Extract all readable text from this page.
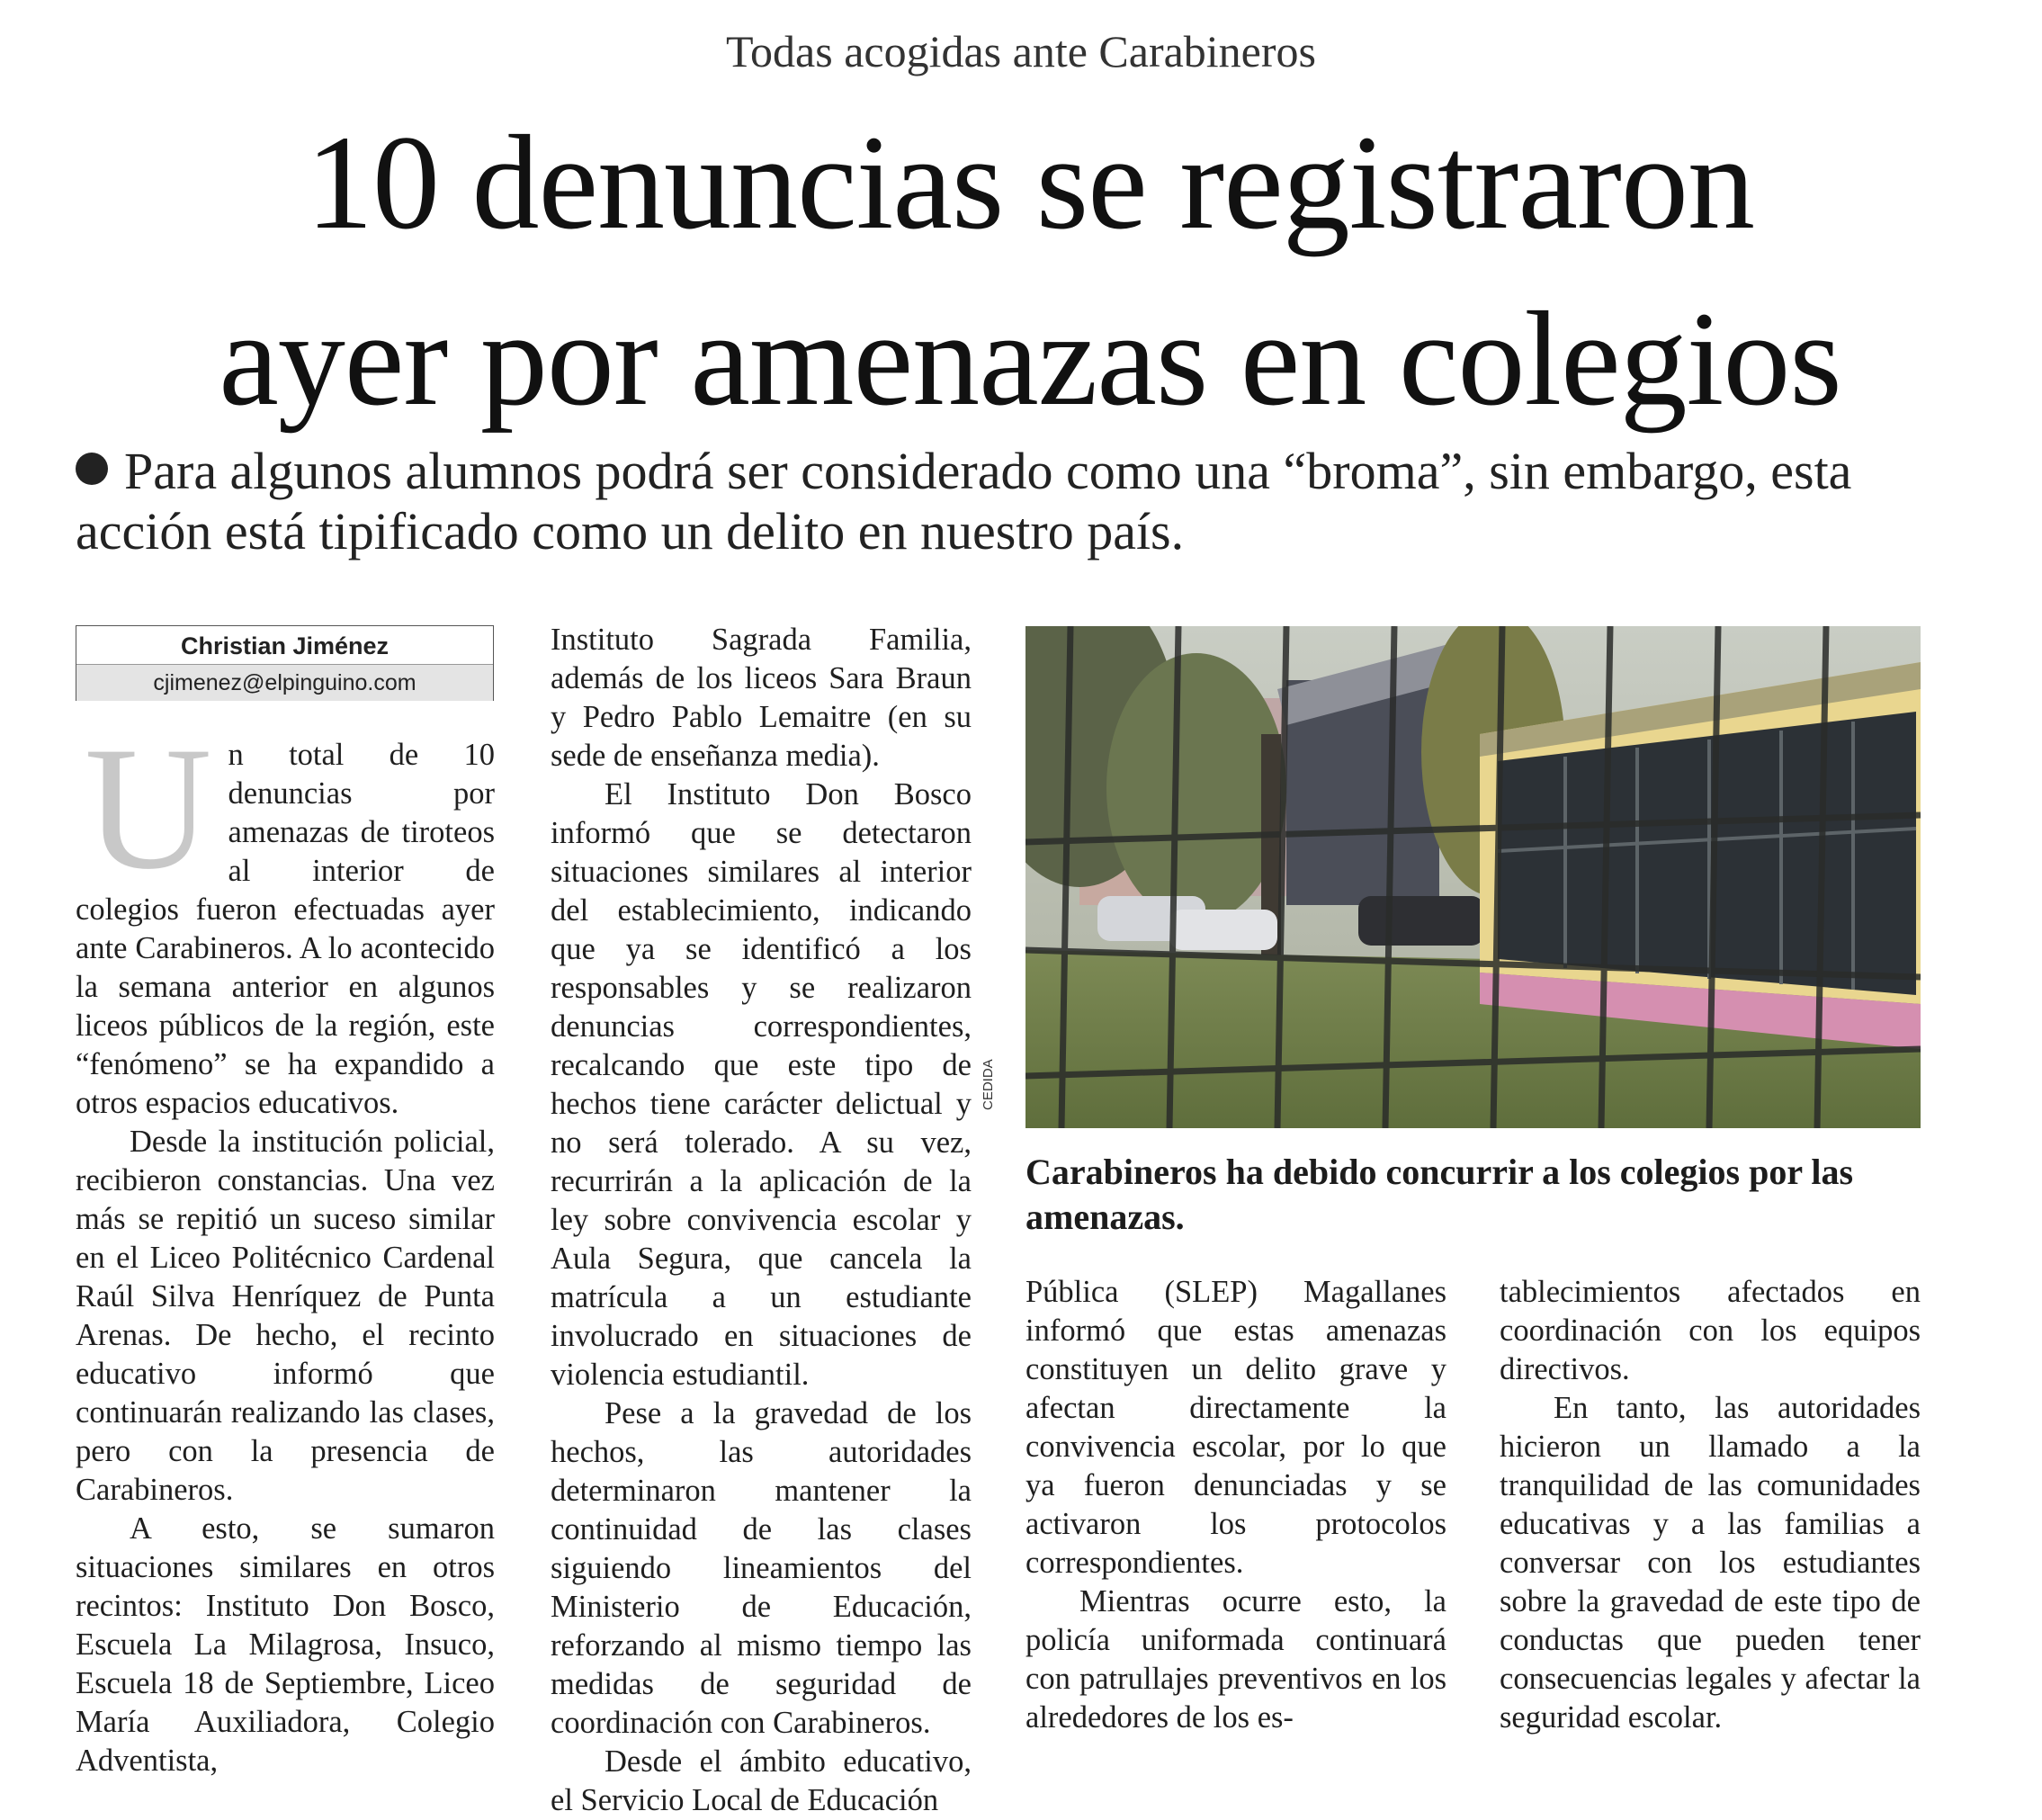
Todas acogidas ante Carabineros
10 denuncias se registraron
ayer por amenazas en colegios
Para algunos alumnos podrá ser considerado como una “broma”, sin embargo, esta acción está tipificado como un delito en nuestro país.
Christian Jiménez
cjimenez@elpinguino.com
U n total de 10 denuncias por amenazas de tiroteos al interior de colegios fueron efectuadas ayer ante Carabineros. A lo acontecido la semana anterior en algunos liceos públicos de la región, este “fenómeno” se ha expandido a otros espacios educativos.

Desde la institución policial, recibieron constancias. Una vez más se repitió un suceso similar en el Liceo Politécnico Cardenal Raúl Silva Henríquez de Punta Arenas. De hecho, el recinto educativo informó que continuarán realizando las clases, pero con la presencia de Carabineros.

A esto, se sumaron situaciones similares en otros recintos: Instituto Don Bosco, Escuela La Milagrosa, Insuco, Escuela 18 de Septiembre, Liceo María Auxiliadora, Colegio Adventista,

Instituto Sagrada Familia, además de los liceos Sara Braun y Pedro Pablo Lemaitre (en su sede de enseñanza media).

El Instituto Don Bosco informó que se detectaron situaciones similares al interior del establecimiento, indicando que ya se identificó a los responsables y se realizaron denuncias correspondientes, recalcando que este tipo de hechos tiene carácter delictual y no será tolerado. A su vez, recurrirán a la aplicación de la ley sobre convivencia escolar y Aula Segura, que cancela la matrícula a un estudiante involucrado en situaciones de violencia estudiantil.

Pese a la gravedad de los hechos, las autoridades determinaron mantener la continuidad de las clases siguiendo lineamientos del Ministerio de Educación, reforzando al mismo tiempo las medidas de seguridad de coordinación con Carabineros.

Desde el ámbito educativo, el Servicio Local de Educación

CEDIDA
Carabineros ha debido concurrir a los colegios por las amenazas.

Pública (SLEP) Magallanes informó que estas amenazas constituyen un delito grave y afectan directamente la convivencia escolar, por lo que ya fueron denunciadas y se activaron los protocolos correspondientes.

Mientras ocurre esto, la policía uniformada continuará con patrullajes preventivos en los alrededores de los es-

tablecimientos afectados en coordinación con los equipos directivos.

En tanto, las autoridades hicieron un llamado a la tranquilidad de las comunidades educativas y a las familias a conversar con los estudiantes sobre la gravedad de este tipo de conductas que pueden tener consecuencias legales y afectar la seguridad escolar.
